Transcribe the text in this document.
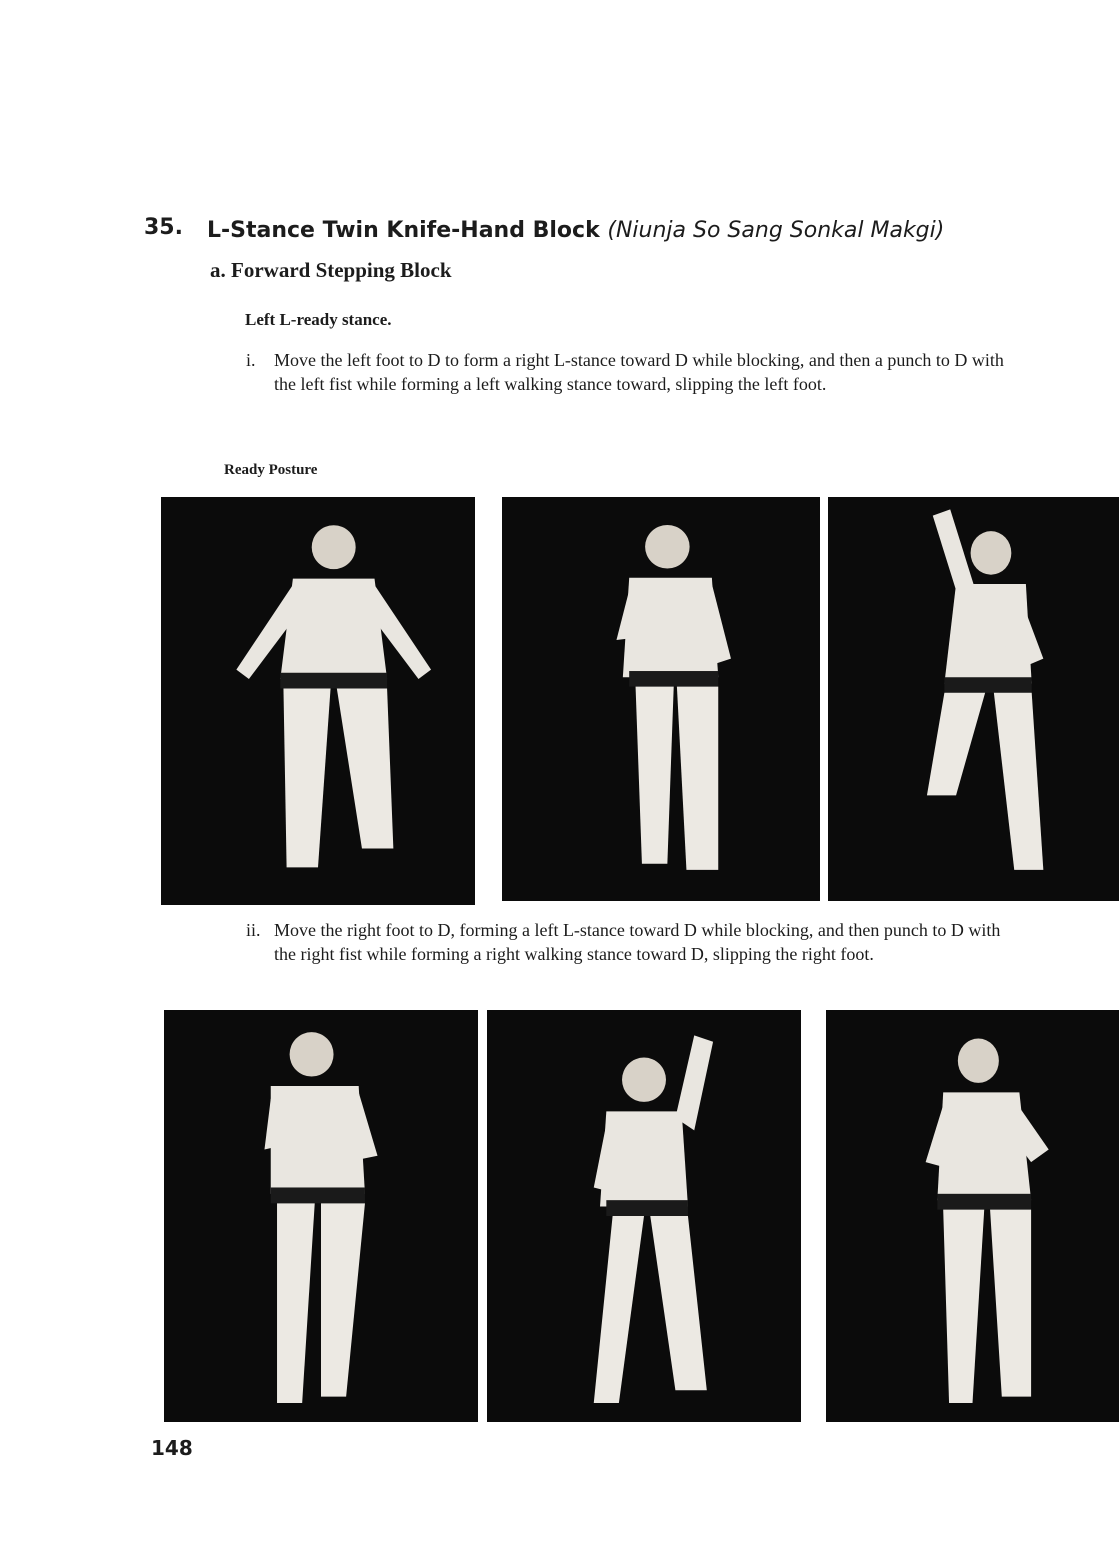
35. L-Stance Twin Knife-Hand Block (Niunja So Sang Sonkal Makgi)
a. Forward Stepping Block
Left L-ready stance.
i. Move the left foot to D to form a right L-stance toward D while blocking, and then a punch to D with the left fist while forming a left walking stance toward, slipping the left foot.
Ready Posture
ii. Move the right foot to D, forming a left L-stance toward D while blocking, and then punch to D with the right fist while forming a right walking stance toward D, slipping the right foot.
148
